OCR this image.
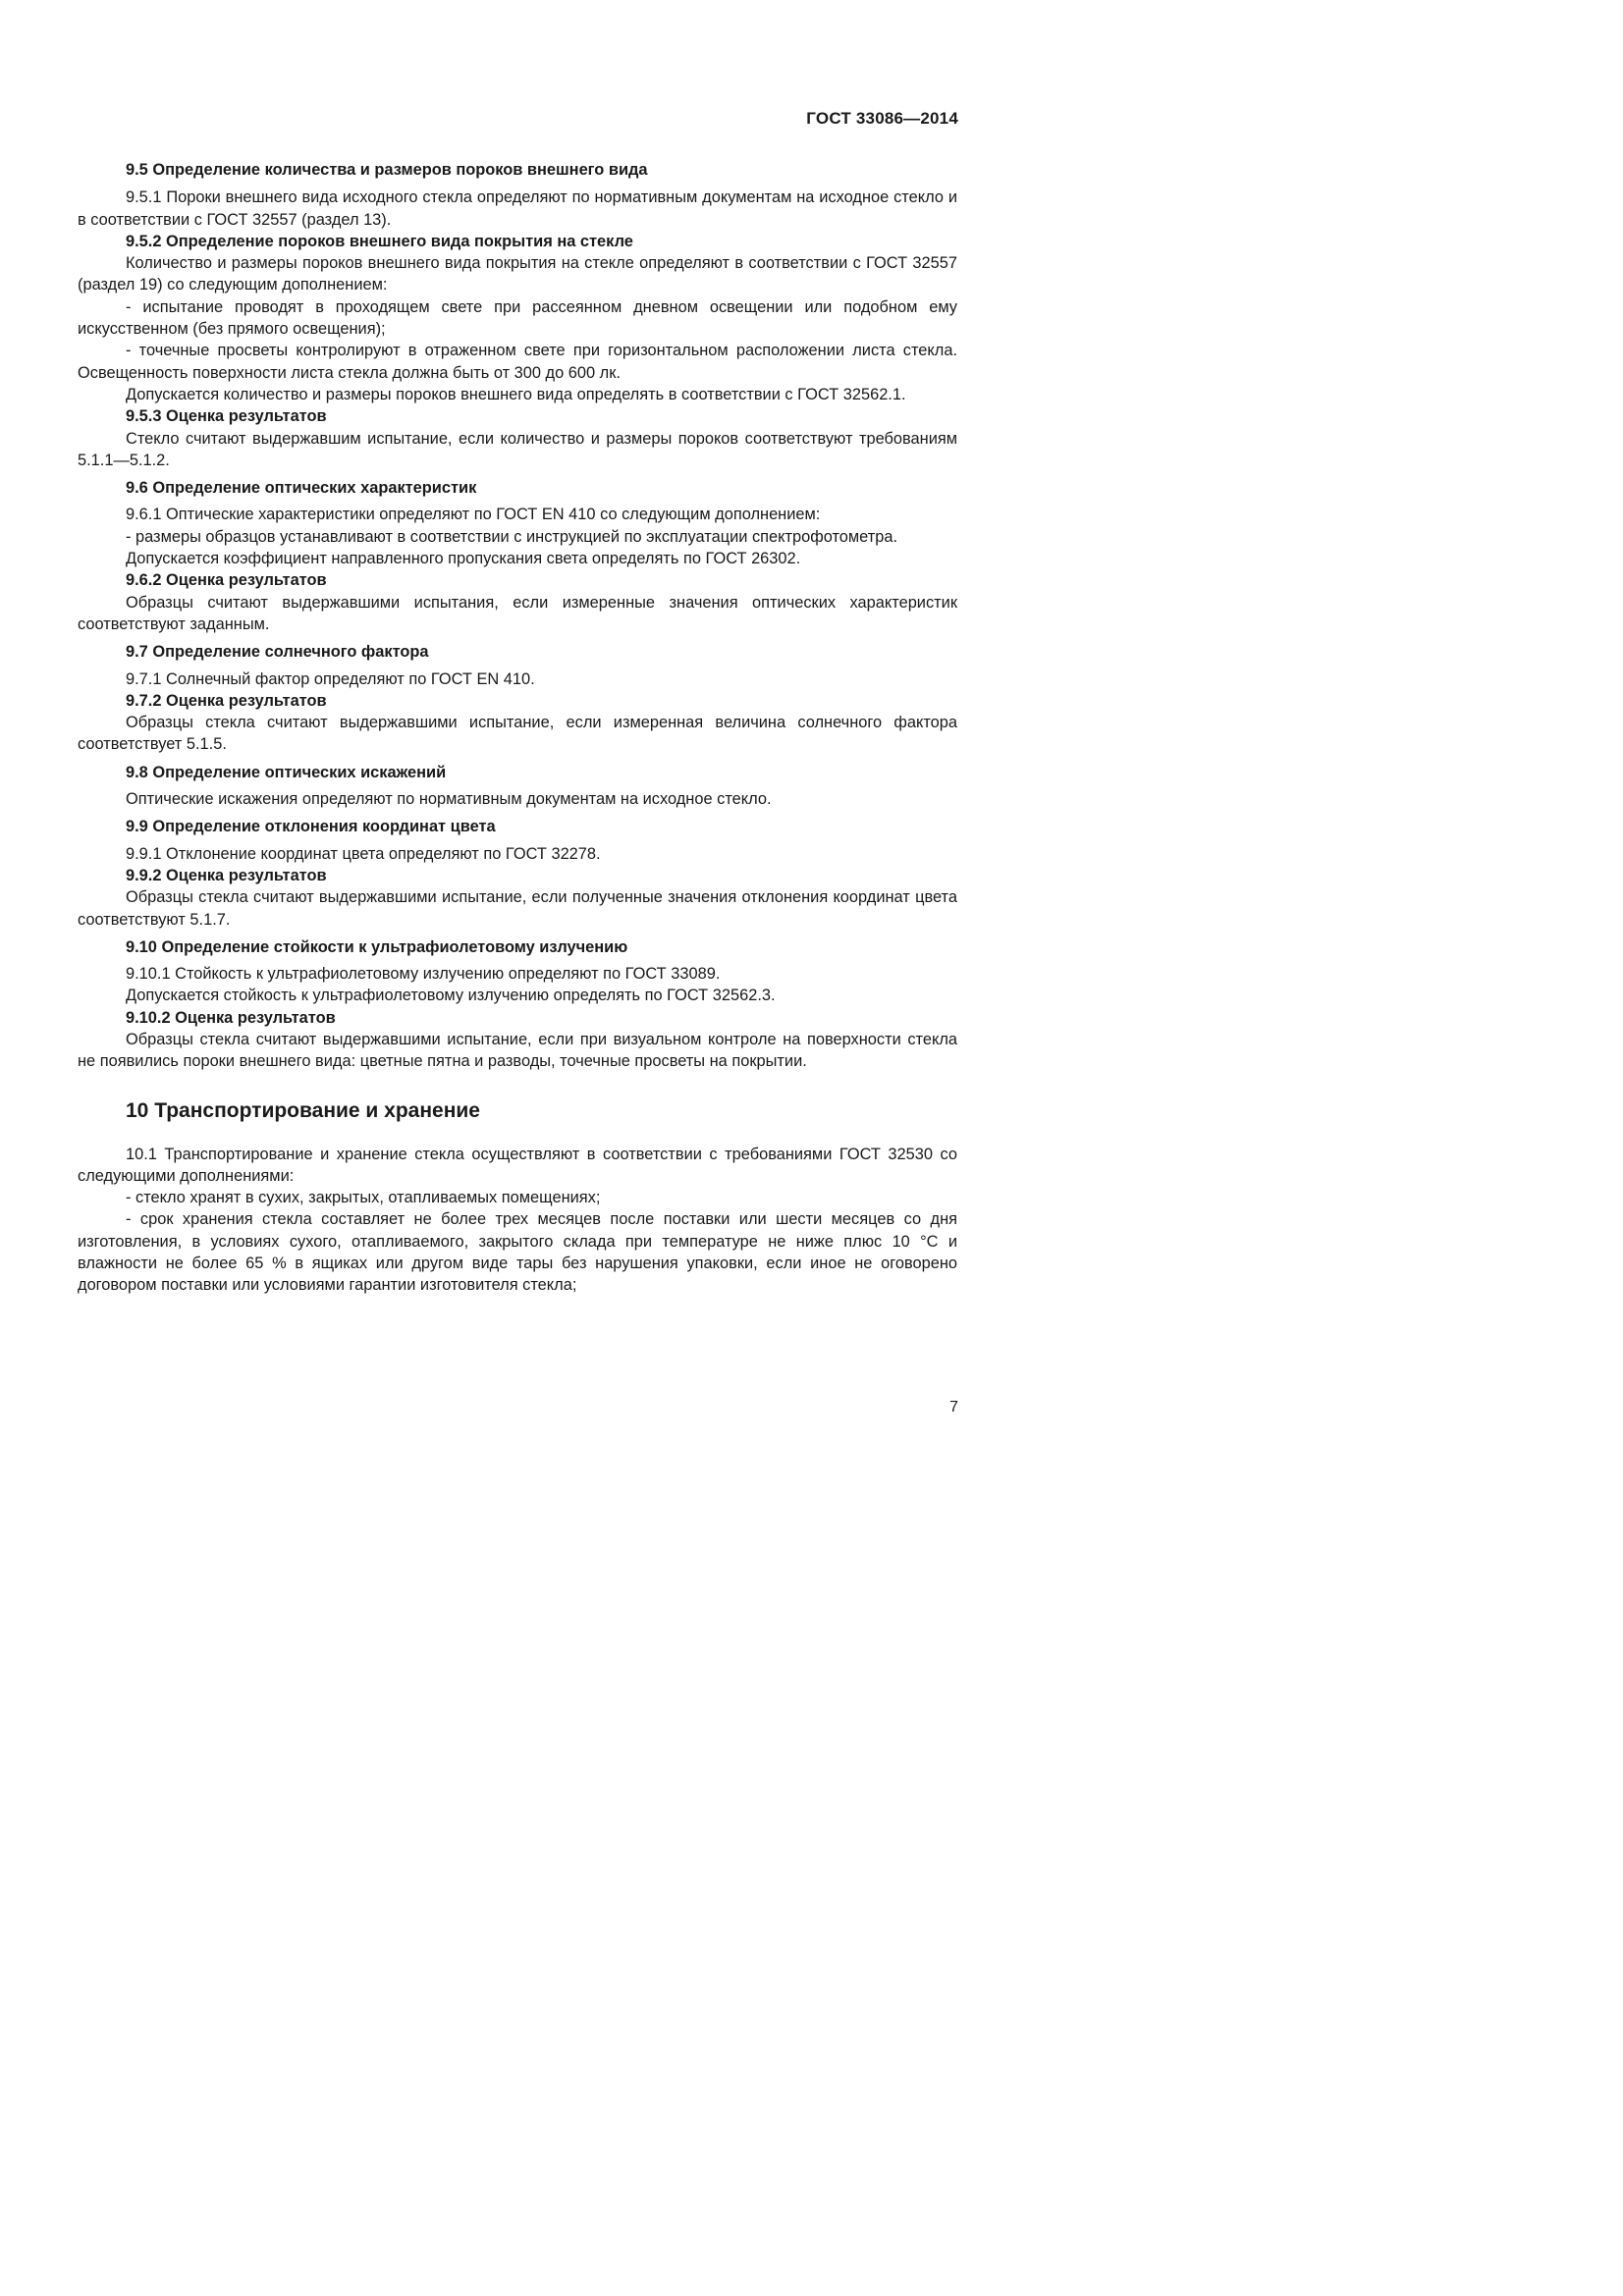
ГОСТ 33086—2014

9.5 Определение количества и размеров пороков внешнего вида

9.5.1 Пороки внешнего вида исходного стекла определяют по нормативным документам на исходное стекло и в соответствии с ГОСТ 32557 (раздел 13).

9.5.2 Определение пороков внешнего вида покрытия на стекле

Количество и размеры пороков внешнего вида покрытия на стекле определяют в соответствии с ГОСТ 32557 (раздел 19) со следующим дополнением:

- испытание проводят в проходящем свете при рассеянном дневном освещении или подобном ему искусственном (без прямого освещения);

- точечные просветы контролируют в отраженном свете при горизонтальном расположении листа стекла. Освещенность поверхности листа стекла должна быть от 300 до 600 лк.

Допускается количество и размеры пороков внешнего вида определять в соответствии с ГОСТ 32562.1.

9.5.3 Оценка результатов

Стекло считают выдержавшим испытание, если количество и размеры пороков соответствуют требованиям 5.1.1—5.1.2.

9.6 Определение оптических характеристик

9.6.1 Оптические характеристики определяют по ГОСТ EN 410 со следующим дополнением:

- размеры образцов устанавливают в соответствии с инструкцией по эксплуатации спектрофотометра.

Допускается коэффициент направленного пропускания света определять по ГОСТ 26302.

9.6.2 Оценка результатов

Образцы считают выдержавшими испытания, если измеренные значения оптических характеристик соответствуют заданным.

9.7 Определение солнечного фактора

9.7.1 Солнечный фактор определяют по ГОСТ EN 410.

9.7.2 Оценка результатов

Образцы стекла считают выдержавшими испытание, если измеренная величина солнечного фактора соответствует 5.1.5.

9.8 Определение оптических искажений

Оптические искажения определяют по нормативным документам на исходное стекло.

9.9 Определение отклонения координат цвета

9.9.1 Отклонение координат цвета определяют по ГОСТ 32278.

9.9.2 Оценка результатов

Образцы стекла считают выдержавшими испытание, если полученные значения отклонения координат цвета соответствуют 5.1.7.

9.10 Определение стойкости к ультрафиолетовому излучению

9.10.1 Стойкость к ультрафиолетовому излучению определяют по ГОСТ 33089.

Допускается стойкость к ультрафиолетовому излучению определять по ГОСТ 32562.3.

9.10.2 Оценка результатов

Образцы стекла считают выдержавшими испытание, если при визуальном контроле на поверхности стекла не появились пороки внешнего вида: цветные пятна и разводы, точечные просветы на покрытии.

10 Транспортирование и хранение

10.1 Транспортирование и хранение стекла осуществляют в соответствии с требованиями ГОСТ 32530 со следующими дополнениями:

- стекло хранят в сухих, закрытых, отапливаемых помещениях;

- срок хранения стекла составляет не более трех месяцев после поставки или шести месяцев со дня изготовления, в условиях сухого, отапливаемого, закрытого склада при температуре не ниже плюс 10 °С и влажности не более 65 % в ящиках или другом виде тары без нарушения упаковки, если иное не оговорено договором поставки или условиями гарантии изготовителя стекла;

7
